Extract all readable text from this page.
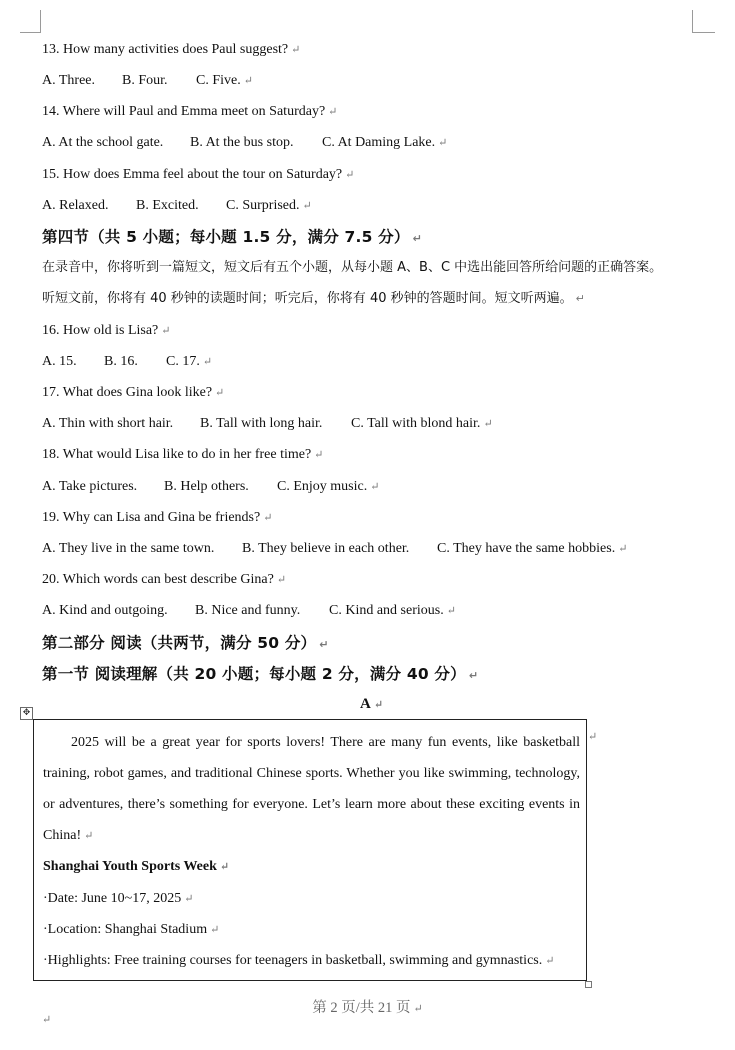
13. How many activities does Paul suggest? ↵
A. Three. B. Four. C. Five. ↵
14. Where will Paul and Emma meet on Saturday? ↵
A. At the school gate. B. At the bus stop. C. At Daming Lake. ↵
15. How does Emma feel about the tour on Saturday? ↵
A. Relaxed. B. Excited. C. Surprised. ↵
第四节（共 5 小题；每小题 1.5 分，满分 7.5 分） ↵
在录音中，你将听到一篇短文，短文后有五个小题，从每小题 A、B、C 中选出能回答所给问题的正确答案。
听短文前，你将有 40 秒钟的读题时间；听完后，你将有 40 秒钟的答题时间。短文听两遍。 ↵
16. How old is Lisa? ↵
A. 15. B. 16. C. 17. ↵
17. What does Gina look like? ↵
A. Thin with short hair. B. Tall with long hair. C. Tall with blond hair. ↵
18. What would Lisa like to do in her free time? ↵
A. Take pictures. B. Help others. C. Enjoy music. ↵
19. Why can Lisa and Gina be friends? ↵
A. They live in the same town. B. They believe in each other. C. They have the same hobbies. ↵
20. Which words can best describe Gina? ↵
A. Kind and outgoing. B. Nice and funny. C. Kind and serious. ↵
第二部分 阅读（共两节，满分 50 分） ↵
第一节 阅读理解（共 20 小题；每小题 2 分，满分 40 分） ↵
A ↵
✥
2025 will be a great year for sports lovers! There are many fun events, like basketball
training, robot games, and traditional Chinese sports. Whether you like swimming, technology,
or adventures, there’s something for everyone. Let’s learn more about these exciting events in
China! ↵
Shanghai Youth Sports Week ↵
·Date: June 10~17, 2025 ↵
·Location: Shanghai Stadium ↵
·Highlights: Free training courses for teenagers in basketball, swimming and gymnastics. ↵
↵
第 2 页/共 21 页 ↵
↵
